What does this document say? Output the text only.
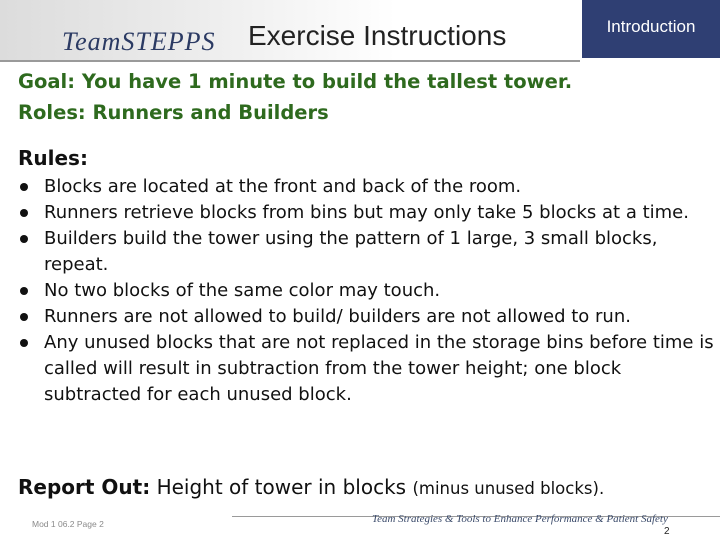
TeamSTEPPS Exercise Instructions	Introduction
Goal: You have 1 minute to build the tallest tower.
Roles: Runners and Builders
Rules:
Blocks are located at the front and back of the room.
Runners retrieve blocks from bins but may only take 5 blocks at a time.
Builders build the tower using the pattern of 1 large, 3 small blocks, repeat.
No two blocks of the same color may touch.
Runners are not allowed to build/ builders are not allowed to run.
Any unused blocks that are not replaced in the storage bins before time is called will result in subtraction from the tower height; one block subtracted for each unused block.
Report Out: Height of tower in blocks (minus unused blocks).
Mod 1 06.2 Page 2	Team Strategies & Tools to Enhance Performance & Patient Safety
2
